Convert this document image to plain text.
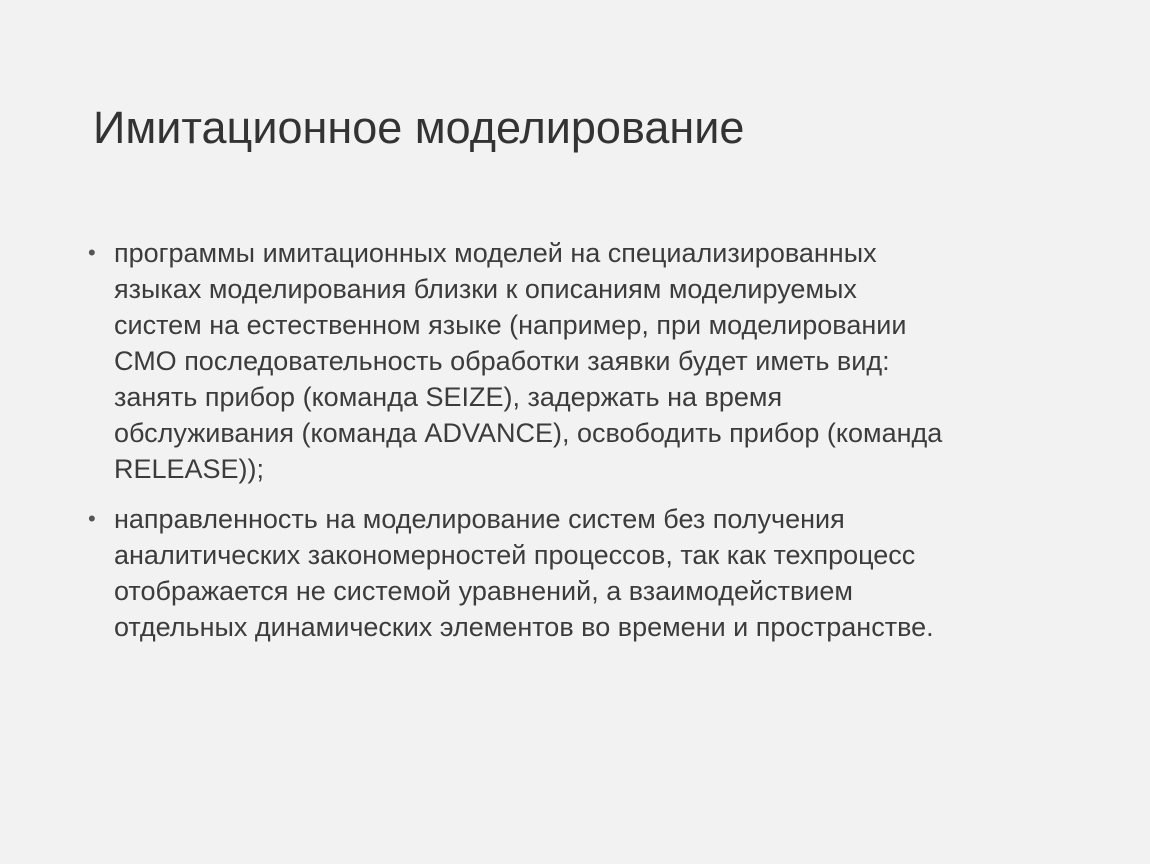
Имитационное моделирование
• программы имитационных моделей на специализированных
языках моделирования близки к описаниям моделируемых
систем на естественном языке (например, при моделировании
СМО последовательность обработки заявки будет иметь вид:
занять прибор (команда SEIZE), задержать на время
обслуживания (команда ADVANCE), освободить прибор (команда
RELEASE));
• направленность на моделирование систем без получения
аналитических закономерностей процессов, так как техпроцесс
отображается не системой уравнений, а взаимодействием
отдельных динамических элементов во времени и пространстве.
